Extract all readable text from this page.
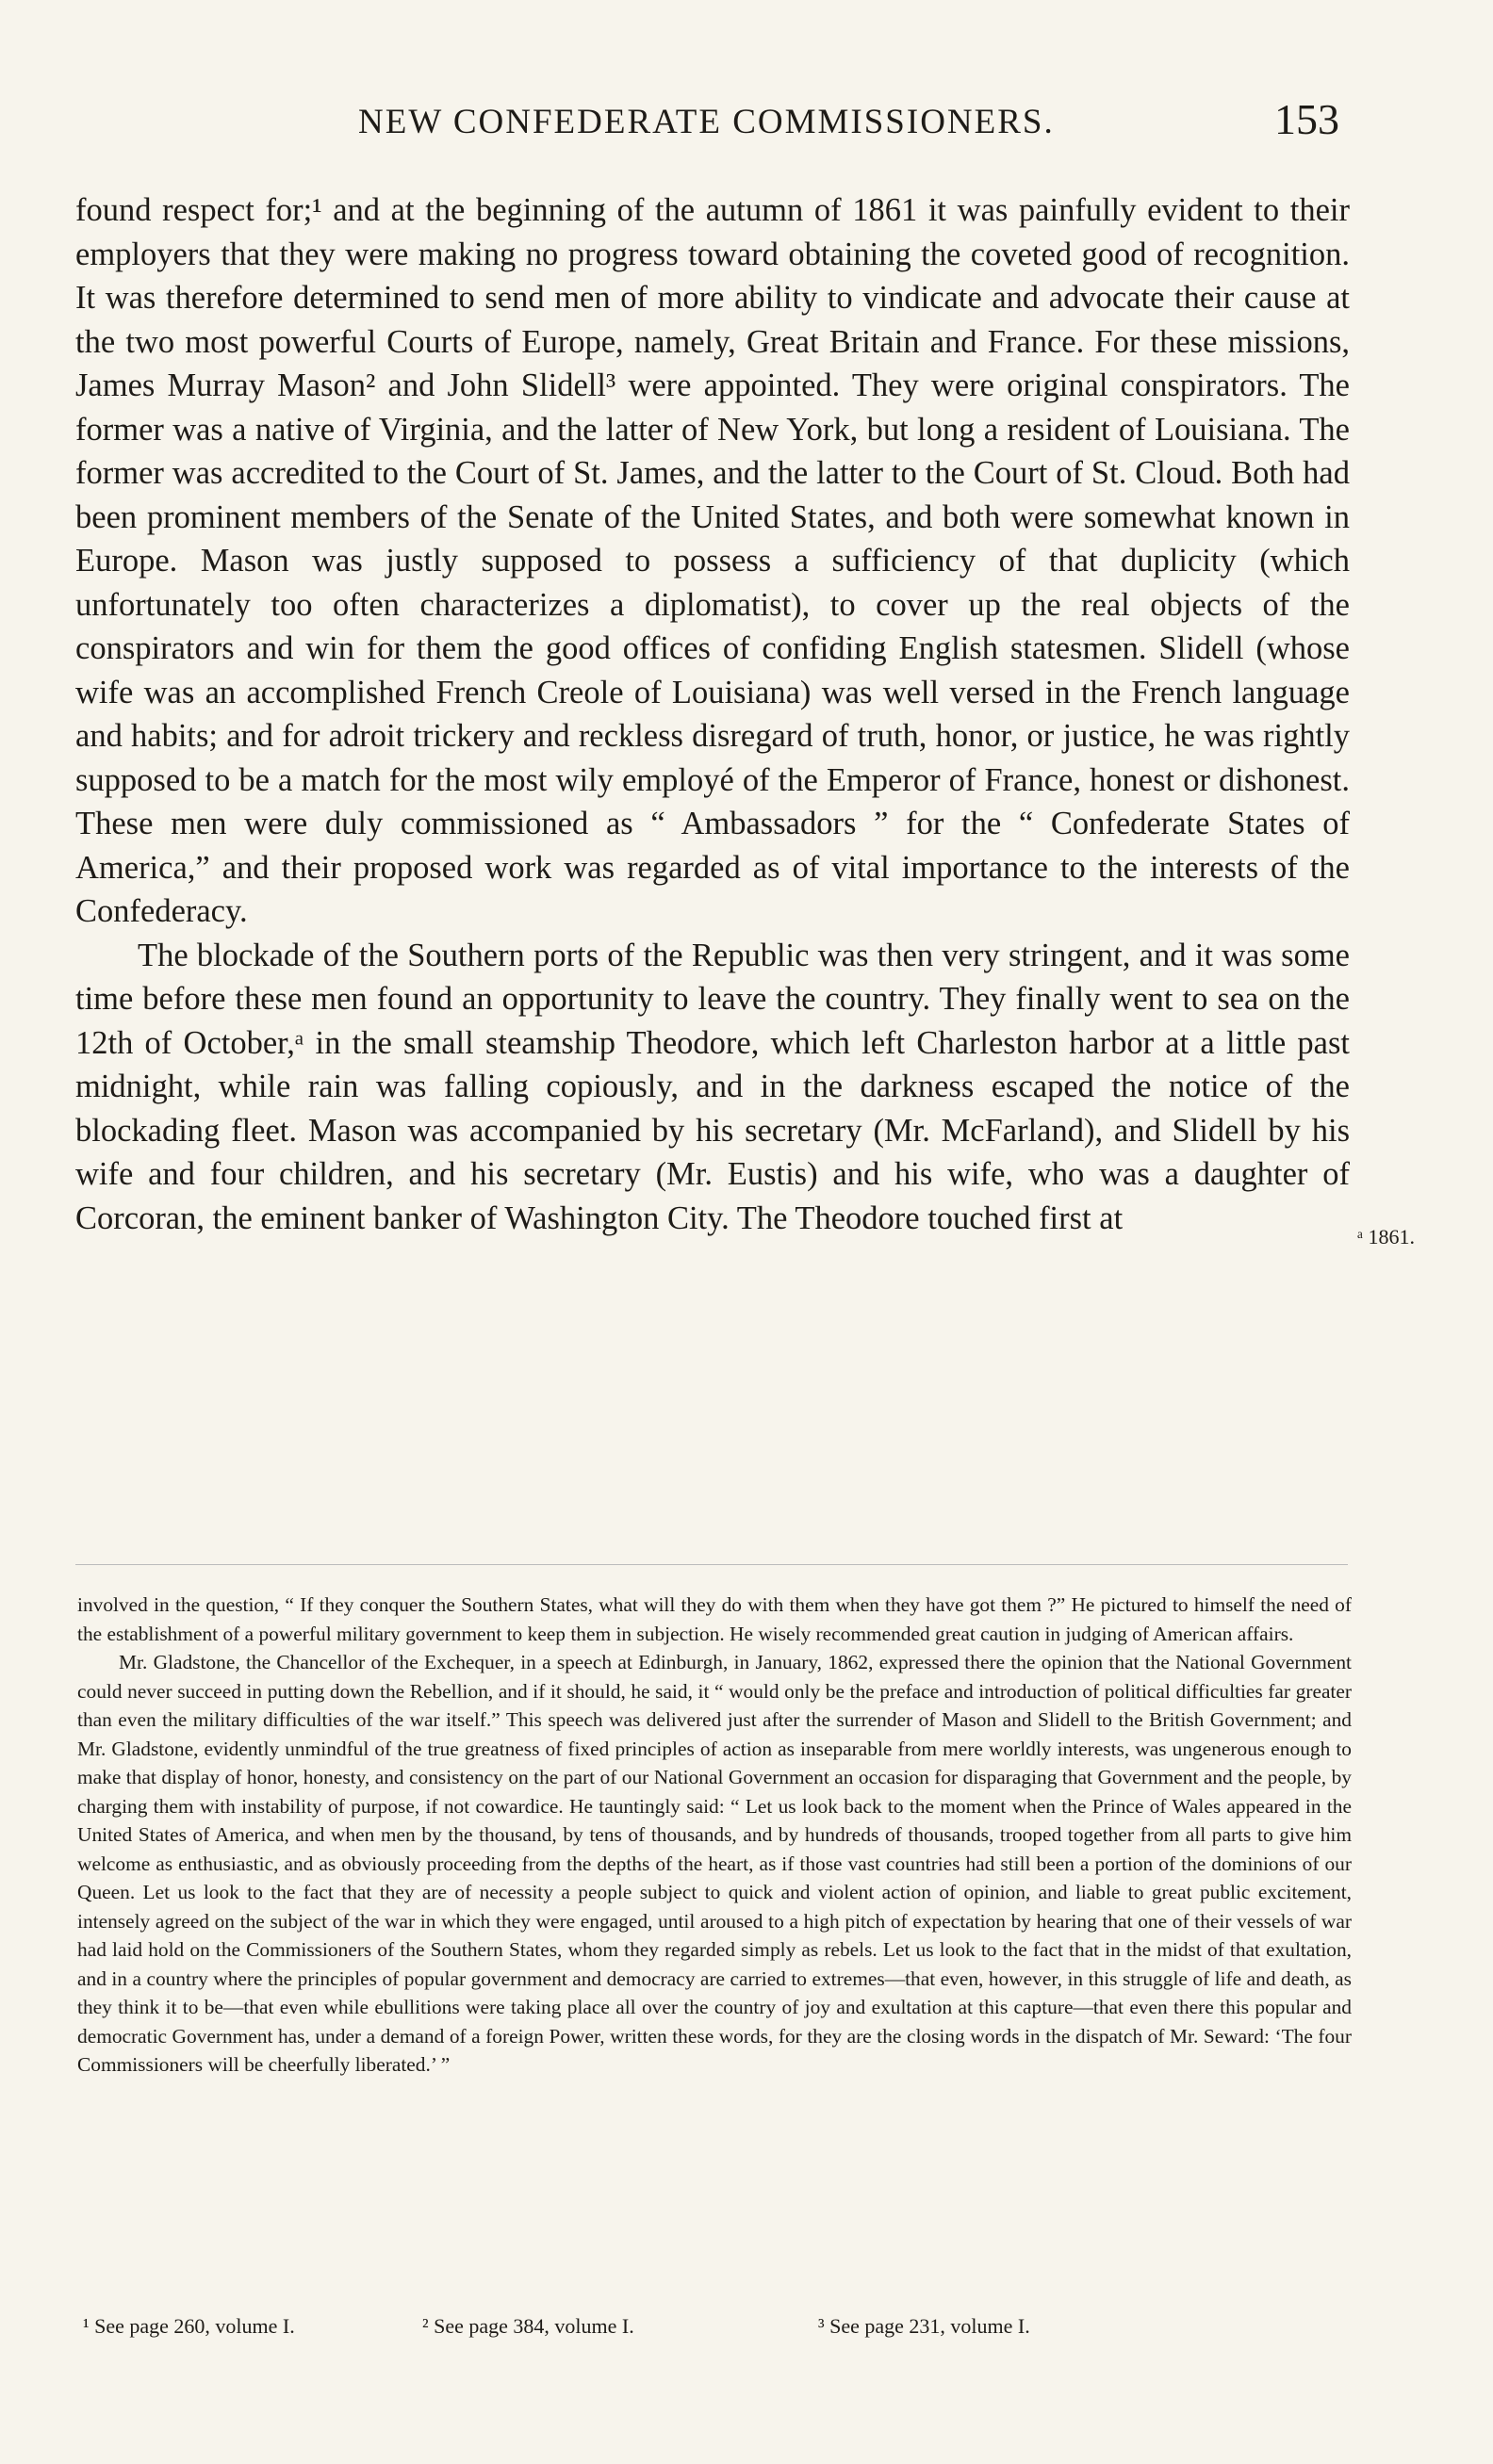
NEW CONFEDERATE COMMISSIONERS.	153

found respect for;¹ and at the beginning of the autumn of 1861 it was painfully evident to their employers that they were making no progress toward obtaining the coveted good of recognition. It was therefore determined to send men of more ability to vindicate and advocate their cause at the two most powerful Courts of Europe, namely, Great Britain and France. For these missions, James Murray Mason² and John Slidell³ were appointed. They were original conspirators. The former was a native of Virginia, and the latter of New York, but long a resident of Louisiana. The former was accredited to the Court of St. James, and the latter to the Court of St. Cloud. Both had been prominent members of the Senate of the United States, and both were somewhat known in Europe. Mason was justly supposed to possess a sufficiency of that duplicity (which unfortunately too often characterizes a diplomatist), to cover up the real objects of the conspirators and win for them the good offices of confiding English statesmen. Slidell (whose wife was an accomplished French Creole of Louisiana) was well versed in the French language and habits; and for adroit trickery and reckless disregard of truth, honor, or justice, he was rightly supposed to be a match for the most wily employé of the Emperor of France, honest or dishonest. These men were duly commissioned as “ Ambassadors ” for the “ Confederate States of America,” and their proposed work was regarded as of vital importance to the interests of the Confederacy.

The blockade of the Southern ports of the Republic was then very stringent, and it was some time before these men found an opportunity to leave the country. They finally went to sea on the 12th of October,ᵃ in the small steamship Theodore, which left Charleston harbor at a little past midnight, while rain was falling copiously, and in the darkness escaped the notice of the blockading fleet. Mason was accompanied by his secretary (Mr. McFarland), and Slidell by his wife and four children, and his secretary (Mr. Eustis) and his wife, who was a daughter of Corcoran, the eminent banker of Washington City. The Theodore touched first at

ᵃ 1861.

involved in the question, “ If they conquer the Southern States, what will they do with them when they have got them ?” He pictured to himself the need of the establishment of a powerful military government to keep them in subjection. He wisely recommended great caution in judging of American affairs.

Mr. Gladstone, the Chancellor of the Exchequer, in a speech at Edinburgh, in January, 1862, expressed there the opinion that the National Government could never succeed in putting down the Rebellion, and if it should, he said, it “ would only be the preface and introduction of political difficulties far greater than even the military difficulties of the war itself.” This speech was delivered just after the surrender of Mason and Slidell to the British Government; and Mr. Gladstone, evidently unmindful of the true greatness of fixed principles of action as inseparable from mere worldly interests, was ungenerous enough to make that display of honor, honesty, and consistency on the part of our National Government an occasion for disparaging that Government and the people, by charging them with instability of purpose, if not cowardice. He tauntingly said: “ Let us look back to the moment when the Prince of Wales appeared in the United States of America, and when men by the thousand, by tens of thousands, and by hundreds of thousands, trooped together from all parts to give him welcome as enthusiastic, and as obviously proceeding from the depths of the heart, as if those vast countries had still been a portion of the dominions of our Queen. Let us look to the fact that they are of necessity a people subject to quick and violent action of opinion, and liable to great public excitement, intensely agreed on the subject of the war in which they were engaged, until aroused to a high pitch of expectation by hearing that one of their vessels of war had laid hold on the Commissioners of the Southern States, whom they regarded simply as rebels. Let us look to the fact that in the midst of that exultation, and in a country where the principles of popular government and democracy are carried to extremes—that even, however, in this struggle of life and death, as they think it to be—that even while ebullitions were taking place all over the country of joy and exultation at this capture—that even there this popular and democratic Government has, under a demand of a foreign Power, written these words, for they are the closing words in the dispatch of Mr. Seward: ‘The four Commissioners will be cheerfully liberated.’ ”

¹ See page 260, volume I.	² See page 384, volume I.	³ See page 231, volume I.
